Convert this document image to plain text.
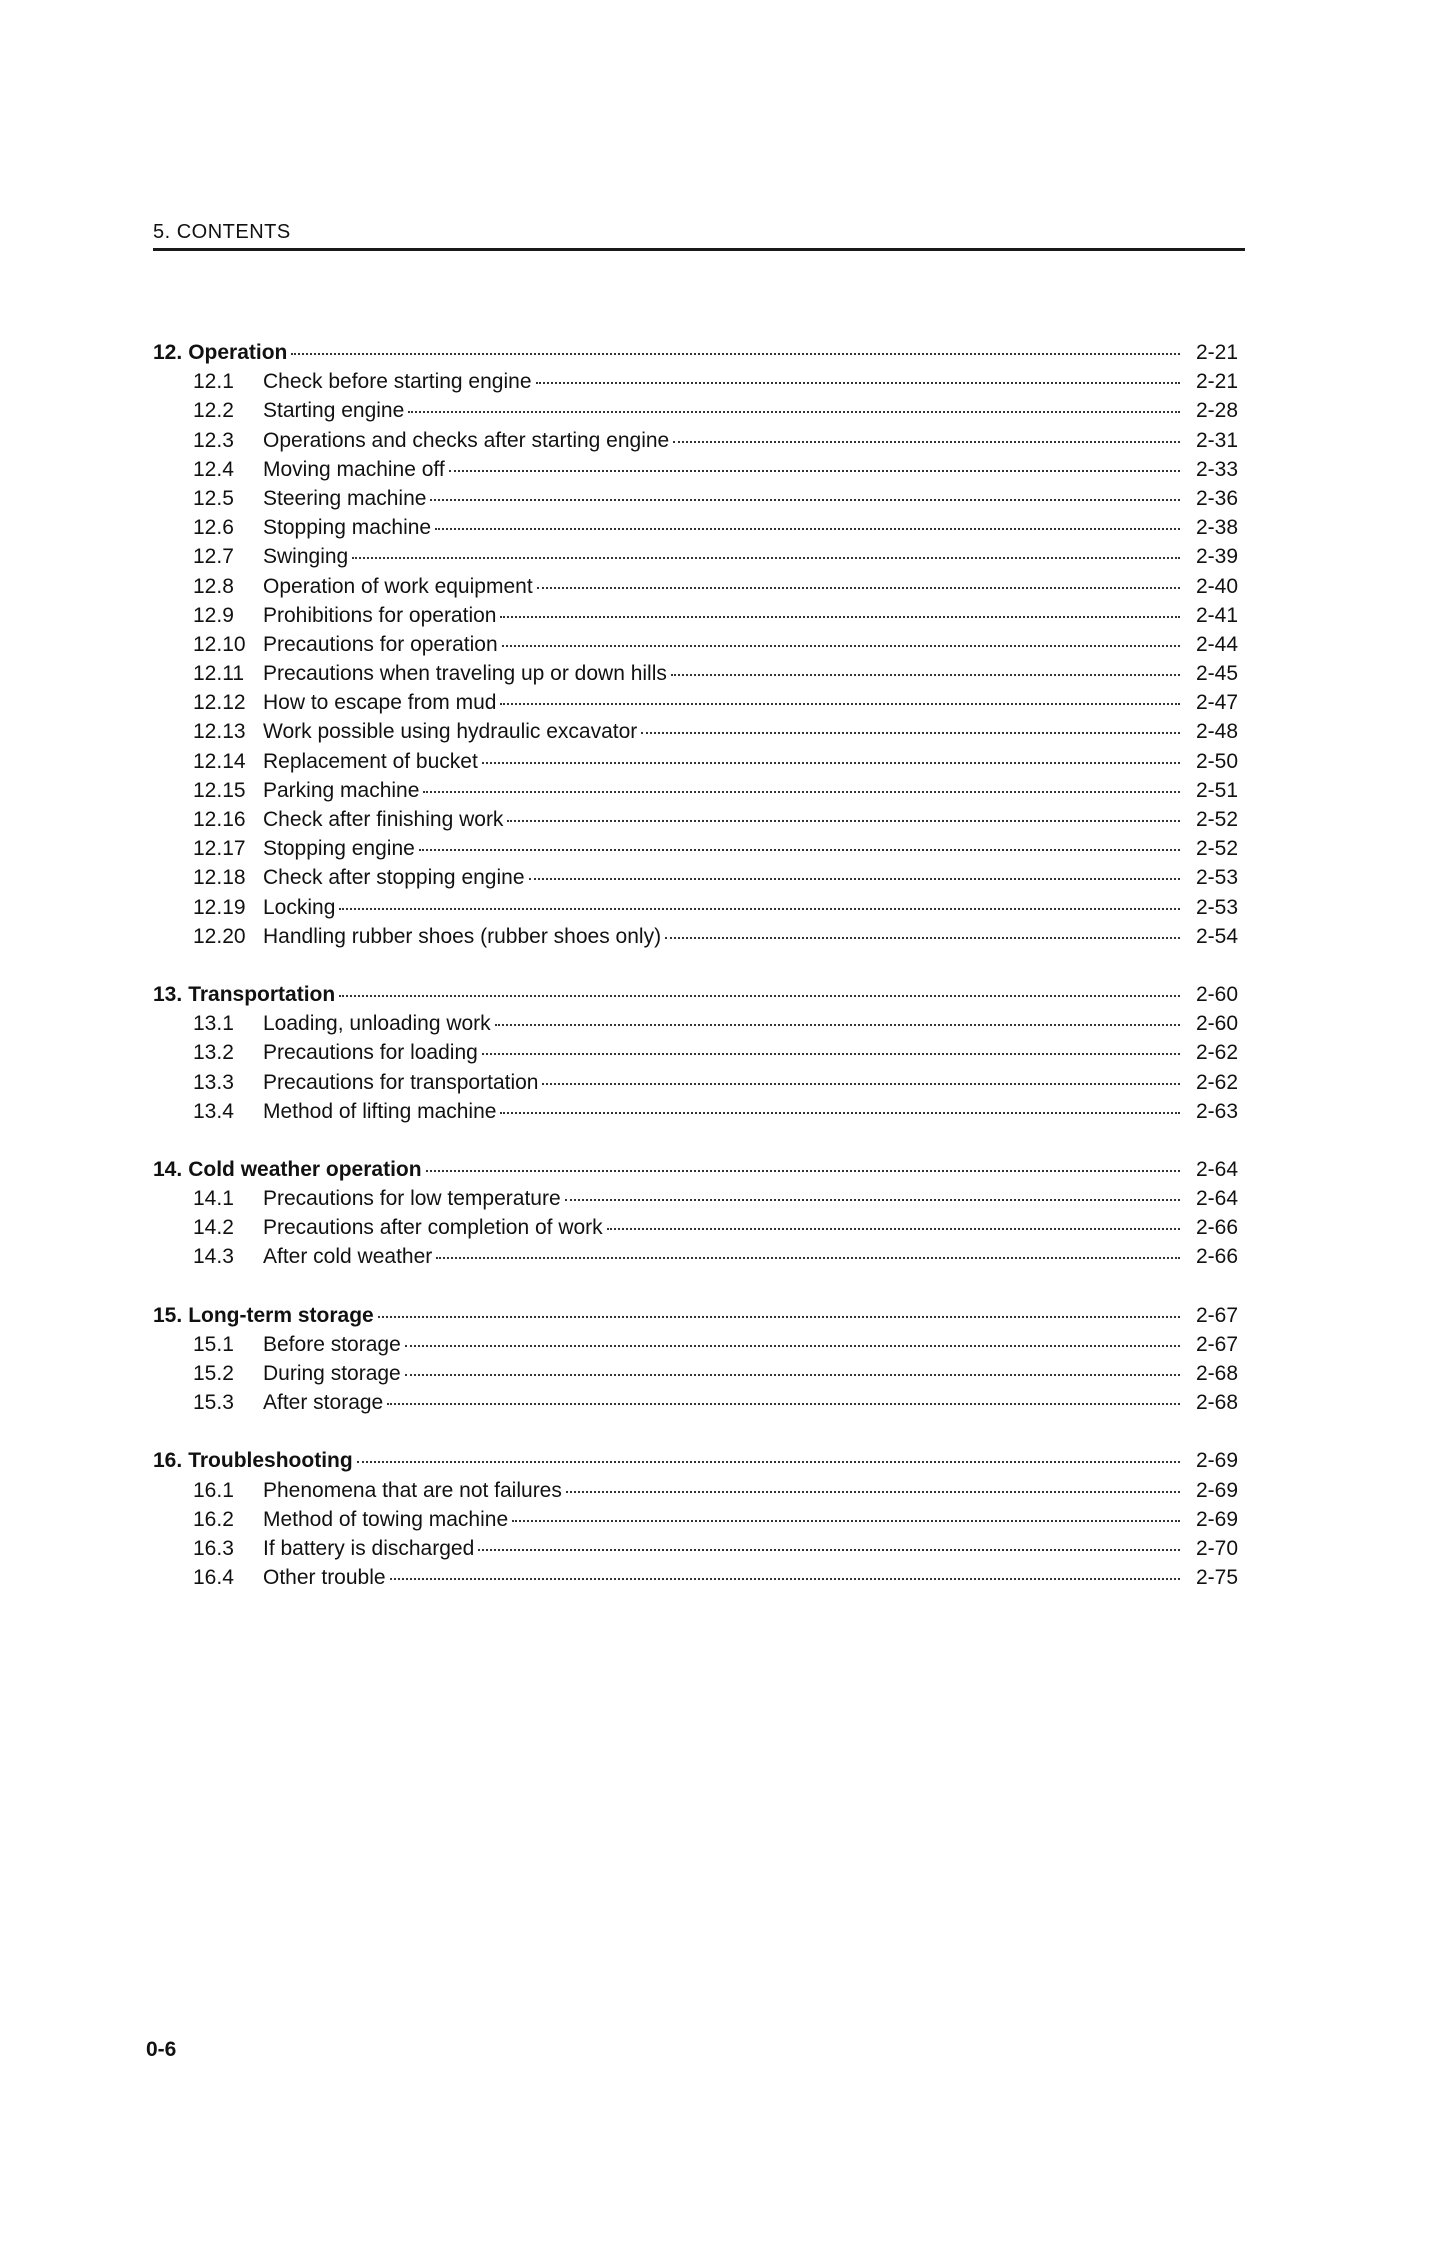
5. CONTENTS
12. Operation	2-21
12.1	Check before starting engine	2-21
12.2	Starting engine	2-28
12.3	Operations and checks after starting engine	2-31
12.4	Moving machine off	2-33
12.5	Steering machine	2-36
12.6	Stopping machine	2-38
12.7	Swinging	2-39
12.8	Operation of work equipment	2-40
12.9	Prohibitions for operation	2-41
12.10 Precautions for operation	2-44
12.11 Precautions when traveling up or down hills	2-45
12.12 How to escape from mud	2-47
12.13 Work possible using hydraulic excavator	2-48
12.14 Replacement of bucket	2-50
12.15 Parking machine	2-51
12.16 Check after finishing work	2-52
12.17 Stopping engine	2-52
12.18 Check after stopping engine	2-53
12.19 Locking	2-53
12.20 Handling rubber shoes (rubber shoes only)	2-54
13. Transportation	2-60
13.1	Loading, unloading work	2-60
13.2	Precautions for loading	2-62
13.3	Precautions for transportation	2-62
13.4	Method of lifting machine	2-63
14. Cold weather operation	2-64
14.1	Precautions for low temperature	2-64
14.2	Precautions after completion of work	2-66
14.3	After cold weather	2-66
15. Long-term storage	2-67
15.1	Before storage	2-67
15.2	During storage	2-68
15.3	After storage	2-68
16. Troubleshooting	2-69
16.1	Phenomena that are not failures	2-69
16.2	Method of towing machine	2-69
16.3	If battery is discharged	2-70
16.4	Other trouble	2-75
0-6
